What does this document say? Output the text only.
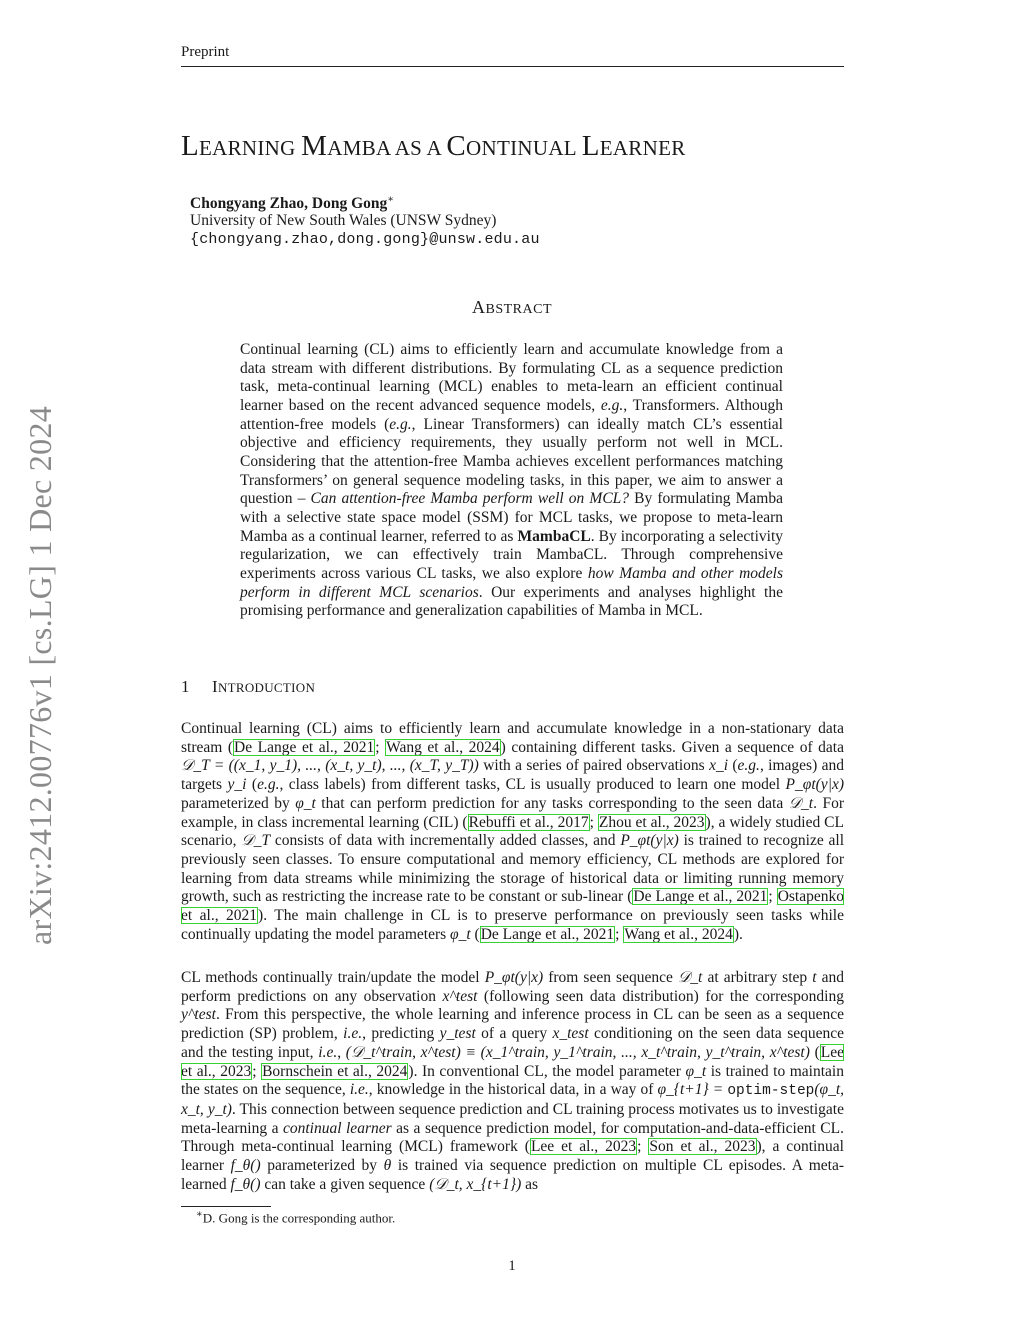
Preprint
LEARNING MAMBA AS A CONTINUAL LEARNER
Chongyang Zhao, Dong Gong∗
University of New South Wales (UNSW Sydney)
{chongyang.zhao,dong.gong}@unsw.edu.au
ABSTRACT
Continual learning (CL) aims to efficiently learn and accumulate knowledge from a data stream with different distributions. By formulating CL as a sequence prediction task, meta-continual learning (MCL) enables to meta-learn an efficient continual learner based on the recent advanced sequence models, e.g., Transformers. Although attention-free models (e.g., Linear Transformers) can ideally match CL’s essential objective and efficiency requirements, they usually perform not well in MCL. Considering that the attention-free Mamba achieves excellent performances matching Transformers’ on general sequence modeling tasks, in this paper, we aim to answer a question – Can attention-free Mamba perform well on MCL? By formulating Mamba with a selective state space model (SSM) for MCL tasks, we propose to meta-learn Mamba as a continual learner, referred to as MambaCL. By incorporating a selectivity regularization, we can effectively train MambaCL. Through comprehensive experiments across various CL tasks, we also explore how Mamba and other models perform in different MCL scenarios. Our experiments and analyses highlight the promising performance and generalization capabilities of Mamba in MCL.
arXiv:2412.00776v1 [cs.LG] 1 Dec 2024	1 INTRODUCTION
Continual learning (CL) aims to efficiently learn and accumulate knowledge in a non-stationary data stream (De Lange et al., 2021; Wang et al., 2024) containing different tasks. Given a sequence of data 𝒟_T = ((x_1, y_1), ..., (x_t, y_t), ..., (x_T, y_T)) with a series of paired observations x_i (e.g., images) and targets y_i (e.g., class labels) from different tasks, CL is usually produced to learn one model P_φt(y|x) parameterized by φ_t that can perform prediction for any tasks corresponding to the seen data 𝒟_t. For example, in class incremental learning (CIL) (Rebuffi et al., 2017; Zhou et al., 2023), a widely studied CL scenario, 𝒟_T consists of data with incrementally added classes, and P_φt(y|x) is trained to recognize all previously seen classes. To ensure computational and memory efficiency, CL methods are explored for learning from data streams while minimizing the storage of historical data or limiting running memory growth, such as restricting the increase rate to be constant or sub-linear (De Lange et al., 2021; Ostapenko et al., 2021). The main challenge in CL is to preserve performance on previously seen tasks while continually updating the model parameters φ_t (De Lange et al., 2021; Wang et al., 2024).
CL methods continually train/update the model P_φt(y|x) from seen sequence 𝒟_t at arbitrary step t and perform predictions on any observation x^test (following seen data distribution) for the corresponding y^test. From this perspective, the whole learning and inference process in CL can be seen as a sequence prediction (SP) problem, i.e., predicting y_test of a query x_test conditioning on the seen data sequence and the testing input, i.e., (𝒟_t^train, x^test) ≡ (x_1^train, y_1^train, ..., x_t^train, y_t^train, x^test) (Lee et al., 2023; Bornschein et al., 2024). In conventional CL, the model parameter φ_t is trained to maintain the states on the sequence, i.e., knowledge in the historical data, in a way of φ_{t+1} = optim-step(φ_t, x_t, y_t). This connection between sequence prediction and CL training process motivates us to investigate meta-learning a continual learner as a sequence prediction model, for computation-and-data-efficient CL. Through meta-continual learning (MCL) framework (Lee et al., 2023; Son et al., 2023), a continual learner f_θ() parameterized by θ is trained via sequence prediction on multiple CL episodes. A meta-learned f_θ() can take a given sequence (𝒟_t, x_{t+1}) as
∗D. Gong is the corresponding author.
1
